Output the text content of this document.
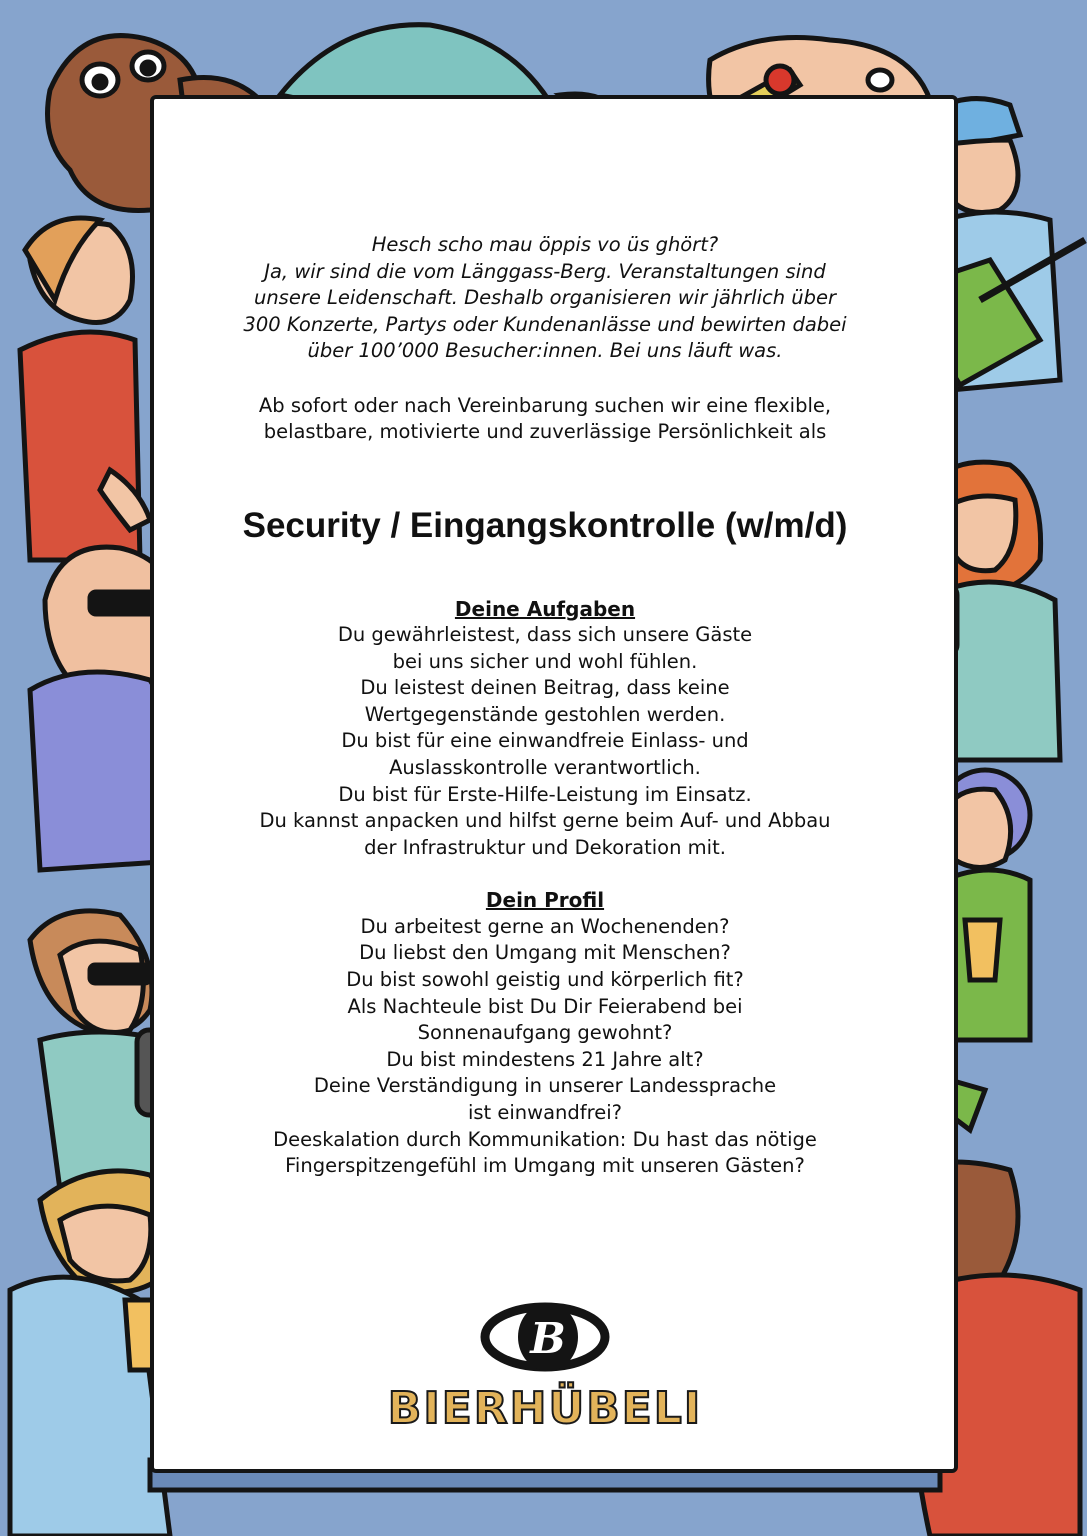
B
BIERHÜBELI
Hesch scho mau öppis vo üs ghört?
Ja, wir sind die vom Länggass-Berg. Veranstaltungen sind
unsere Leidenschaft. Deshalb organisieren wir jährlich über
300 Konzerte, Partys oder Kundenanlässe und bewirten dabei
über 100’000 Besucher:innen. Bei uns läuft was.
Ab sofort oder nach Vereinbarung suchen wir eine flexible,
belastbare, motivierte und zuverlässige Persönlichkeit als
Security / Eingangskontrolle (w/m/d)
Deine Aufgaben
Du gewährleistest, dass sich unsere Gäste
bei uns sicher und wohl fühlen.
Du leistest deinen Beitrag, dass keine
Wertgegenstände gestohlen werden.
Du bist für eine einwandfreie Einlass- und
Auslasskontrolle verantwortlich.
Du bist für Erste-Hilfe-Leistung im Einsatz.
Du kannst anpacken und hilfst gerne beim Auf- und Abbau
der Infrastruktur und Dekoration mit.
Dein Profil
Du arbeitest gerne an Wochenenden?
Du liebst den Umgang mit Menschen?
Du bist sowohl geistig und körperlich fit?
Als Nachteule bist Du Dir Feierabend bei
Sonnenaufgang gewohnt?
Du bist mindestens 21 Jahre alt?
Deine Verständigung in unserer Landessprache
ist einwandfrei?
Deeskalation durch Kommunikation: Du hast das nötige
Fingerspitzengefühl im Umgang mit unseren Gästen?
